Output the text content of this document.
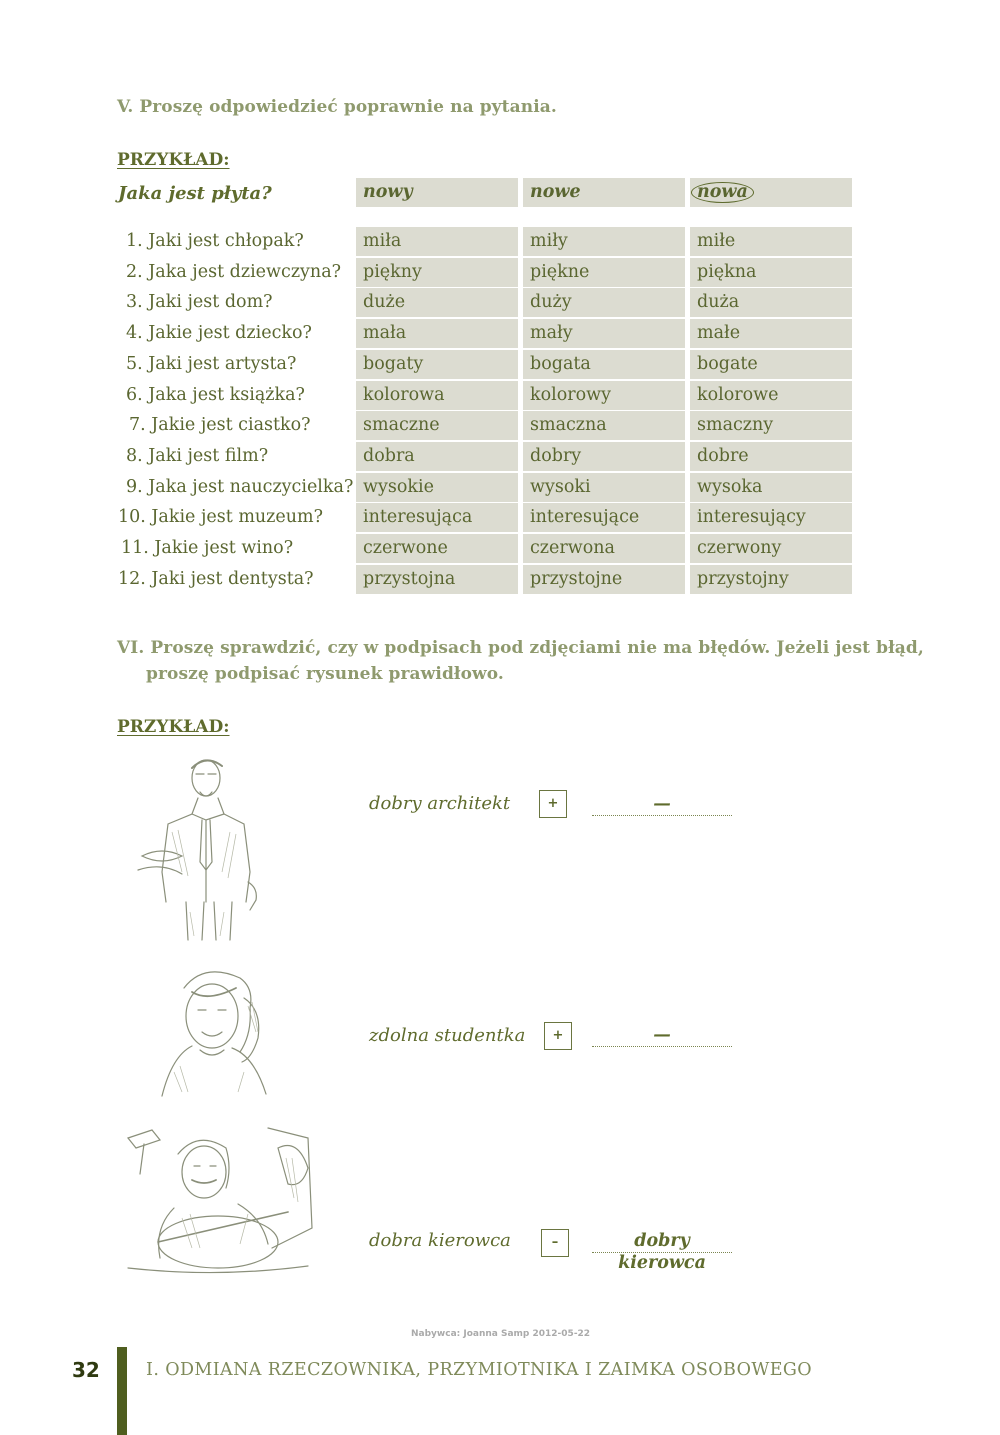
V. Proszę odpowiedzieć poprawnie na pytania.
PRZYKŁAD:
Jaka jest płyta?	nowy	nowe	nowa
1. Jaki jest chłopak?	miła	miły	miłe
2. Jaka jest dziewczyna?	piękny	piękne	piękna
3. Jaki jest dom?	duże	duży	duża
4. Jakie jest dziecko?	mała	mały	małe
5. Jaki jest artysta?	bogaty	bogata	bogate
6. Jaka jest książka?	kolorowa	kolorowy	kolorowe
7. Jakie jest ciastko?	smaczne	smaczna	smaczny
8. Jaki jest film?	dobra	dobry	dobre
9. Jaka jest nauczycielka? wysokie	wysoki	wysoka
10. Jakie jest muzeum?	interesująca	interesujące	interesujący
11. Jakie jest wino?	czerwone	czerwona	czerwony
12. Jaki jest dentysta?	przystojna	przystojne	przystojny
VI. Proszę sprawdzić, czy w podpisach pod zdjęciami nie ma błędów. Jeżeli jest błąd,
proszę podpisać rysunek prawidłowo.
PRZYKŁAD:
dobry architekt	+	—
zdolna studentka	+	—
dobra kierowca	–	dobry kierowca
Nabywca: Joanna Samp 2012-05-22
32	I. ODMIANA RZECZOWNIKA, PRZYMIOTNIKA I ZAIMKA OSOBOWEGO
